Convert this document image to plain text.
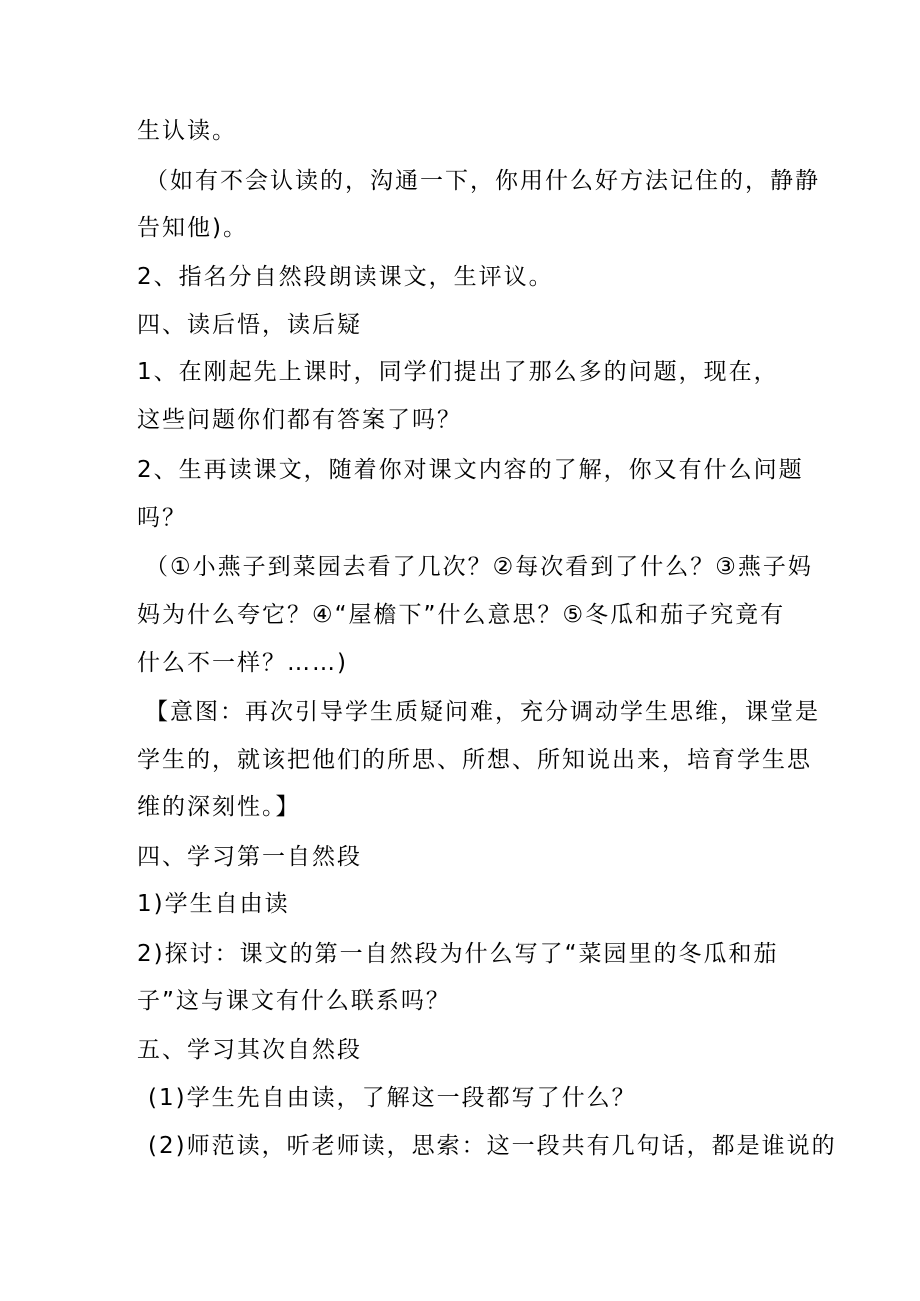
生认读。
（如有不会认读的，沟通一下，你用什么好方法记住的，静静
告知他)。
2、指名分自然段朗读课文，生评议。
四、读后悟，读后疑
1、在刚起先上课时，同学们提出了那么多的问题，现在，
这些问题你们都有答案了吗？
2、生再读课文，随着你对课文内容的了解，你又有什么问题
吗？
（①小燕子到菜园去看了几次？②每次看到了什么？③燕子妈
妈为什么夸它？④“屋檐下”什么意思？⑤冬瓜和茄子究竟有
什么不一样？……)
【意图：再次引导学生质疑问难，充分调动学生思维，课堂是
学生的，就该把他们的所思、所想、所知说出来，培育学生思
维的深刻性。】
四、学习第一自然段
1)学生自由读
2)探讨：课文的第一自然段为什么写了“菜园里的冬瓜和茄
子”这与课文有什么联系吗？
五、学习其次自然段
(1)学生先自由读，了解这一段都写了什么？
(2)师范读，听老师读，思索：这一段共有几句话，都是谁说的
